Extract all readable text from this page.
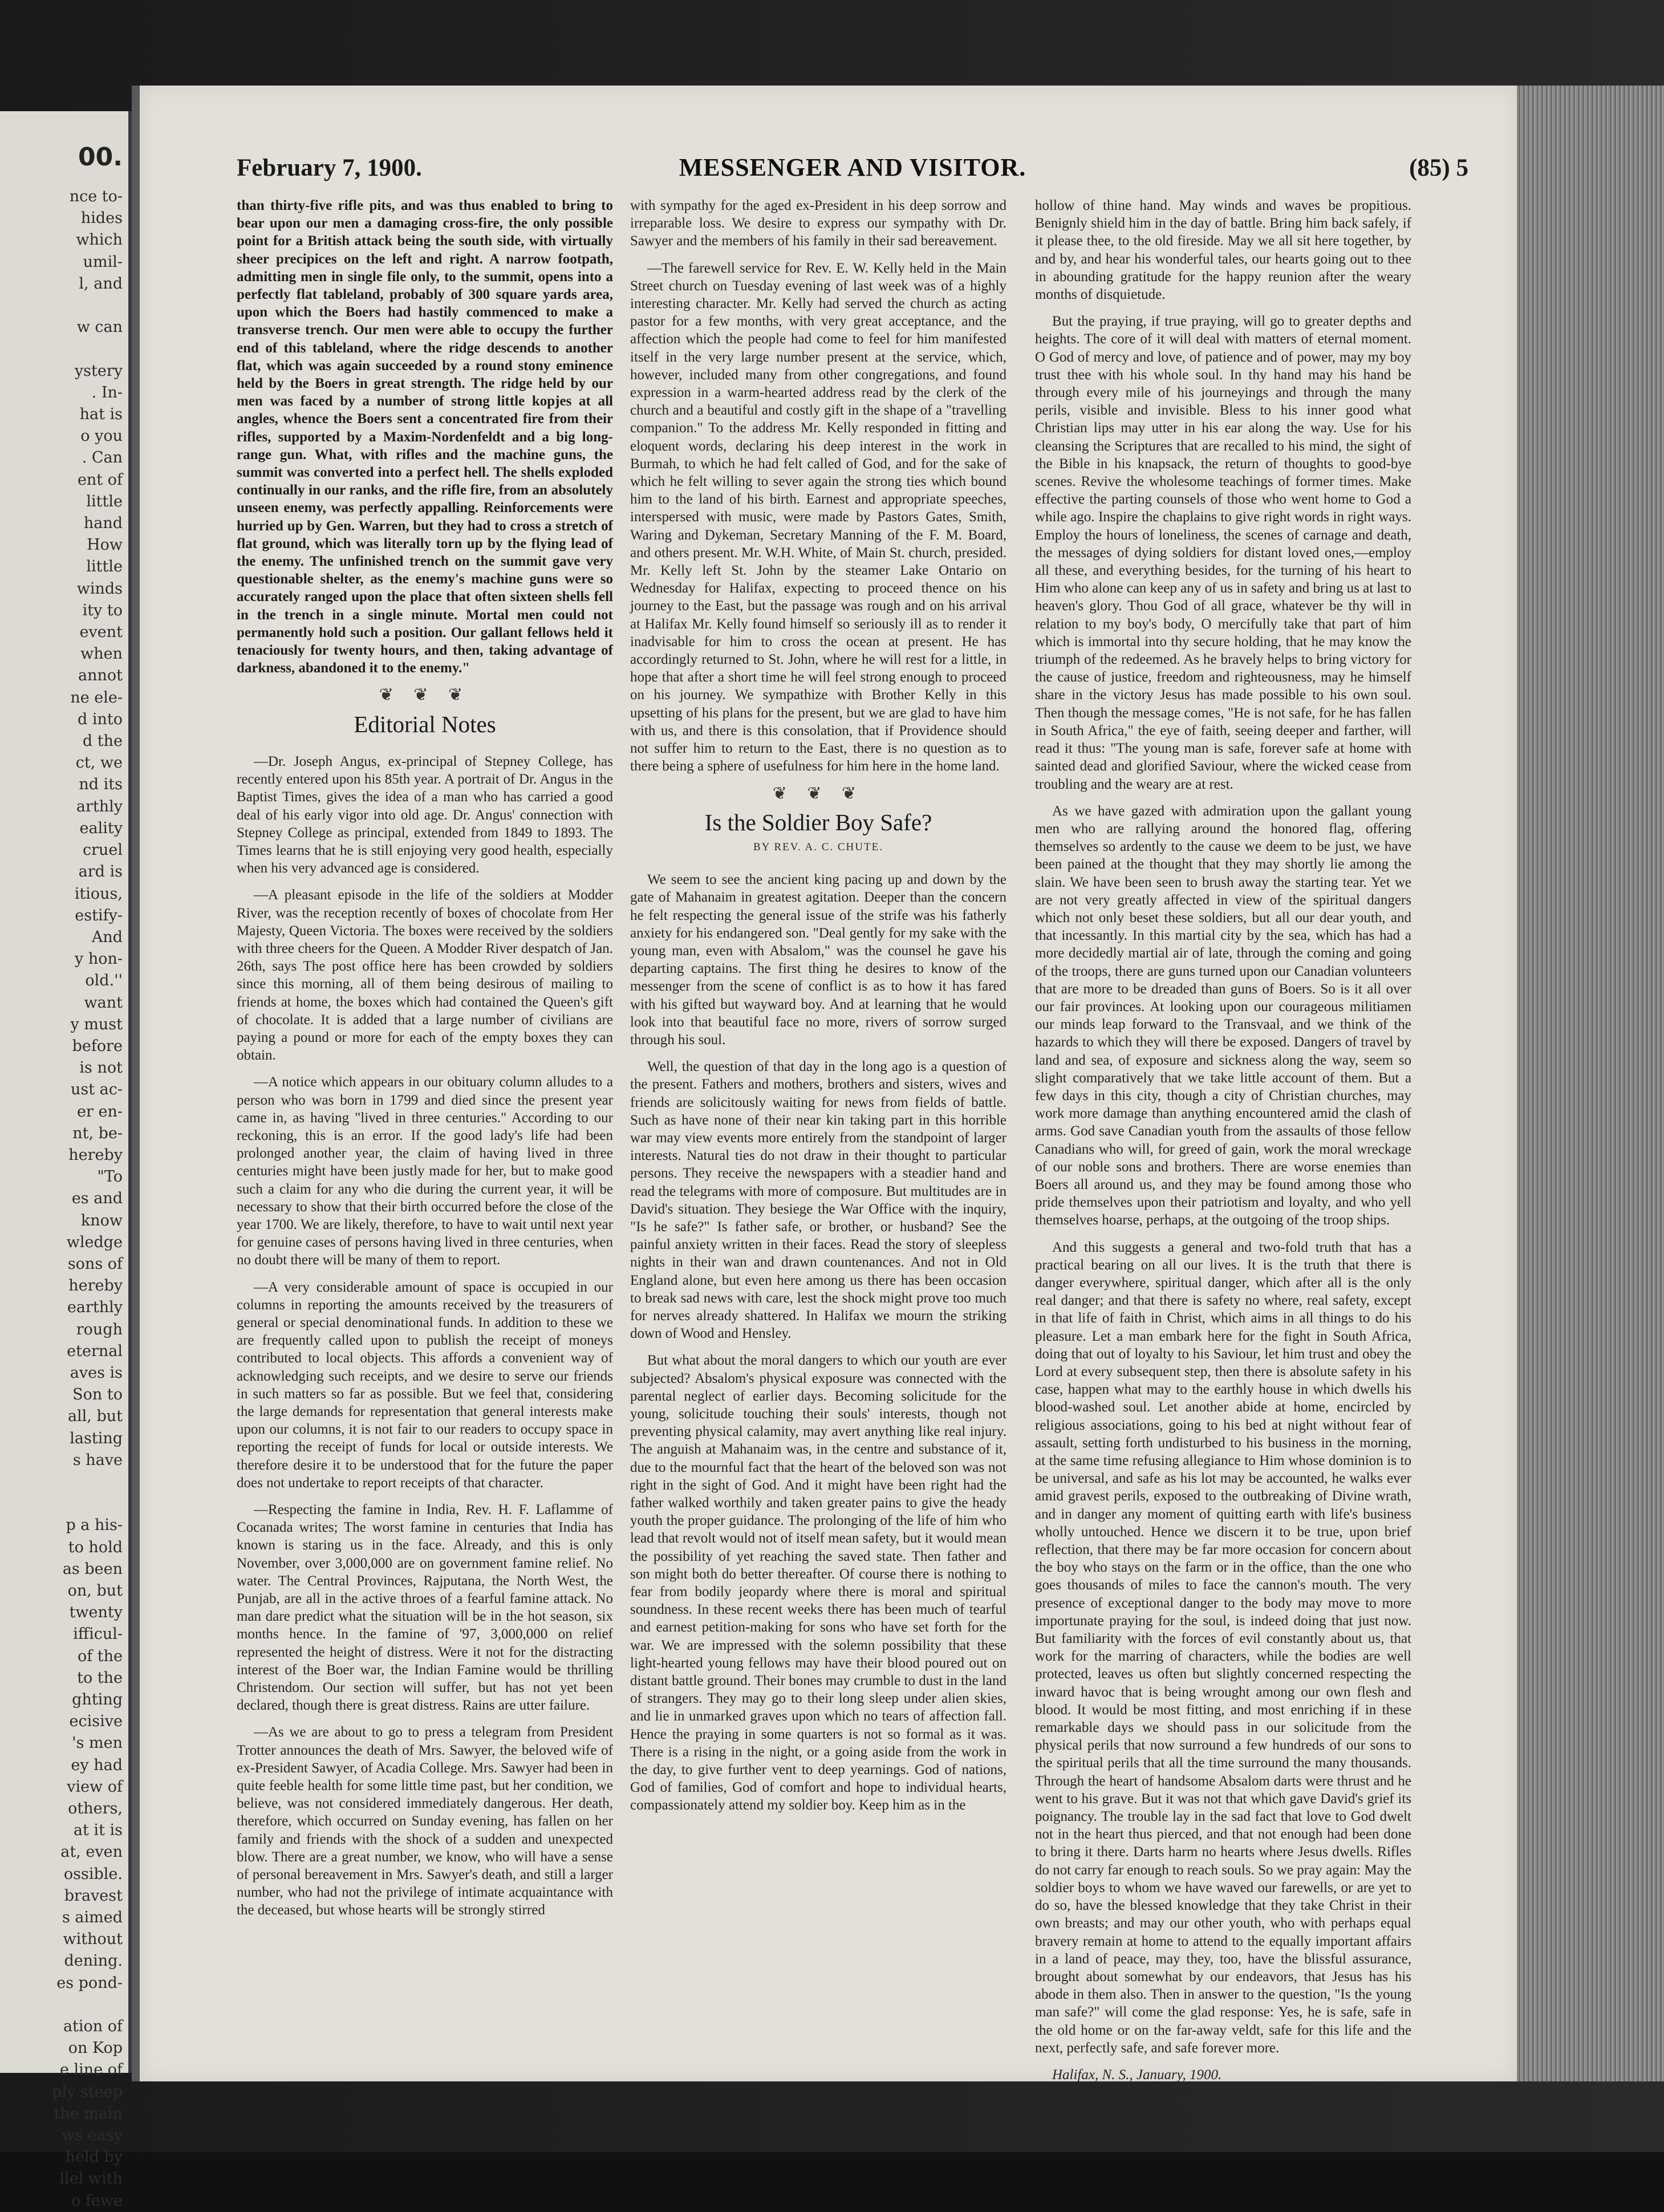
00.
nce to-
hides
which
umil-
l, and

w can

ystery
. In-
hat is
o you
. Can
ent of
little
hand
How
little
winds
ity to
event
when
annot
ne ele-
d into
d the
ct, we
nd its
arthly
eality
cruel
ard is
itious,
estify-
And
y hon-
old.''
want
y must
before
is not
ust ac-
er en-
nt, be-
hereby
"To
es and
know
wledge
sons of
hereby
earthly
rough
eternal
aves is
Son to
all, but
lasting
s have

p a his-
to hold
as been
on, but
twenty
ifficul-
of the
to the
ghting
ecisive
's men
ey had
view of
others,
at it is
at, even
ossible.
bravest
s aimed
without
dening.
es pond-

ation of
on Kop
e line of
ply steep
the main
ws easy
held by
llel with
o fewe
February 7, 1900.	MESSENGER AND VISITOR.	(85) 5

than thirty-five rifle pits, and was thus enabled to bring to bear upon our men a damaging cross-fire, the only possible point for a British attack being the south side, with virtually sheer precipices on the left and right. A narrow footpath, admitting men in single file only, to the summit, opens into a perfectly flat tableland, probably of 300 square yards area, upon which the Boers had hastily commenced to make a transverse trench. Our men were able to occupy the further end of this tableland, where the ridge descends to another flat, which was again succeeded by a round stony eminence held by the Boers in great strength. The ridge held by our men was faced by a number of strong little kopjes at all angles, whence the Boers sent a concentrated fire from their rifles, supported by a Maxim-Nordenfeldt and a big long-range gun. What, with rifles and the machine guns, the summit was converted into a perfect hell. The shells exploded continually in our ranks, and the rifle fire, from an absolutely unseen enemy, was perfectly appalling. Reinforcements were hurried up by Gen. Warren, but they had to cross a stretch of flat ground, which was literally torn up by the flying lead of the enemy. The unfinished trench on the summit gave very questionable shelter, as the enemy's machine guns were so accurately ranged upon the place that often sixteen shells fell in the trench in a single minute. Mortal men could not permanently hold such a position. Our gallant fellows held it tenaciously for twenty hours, and then, taking advantage of darkness, abandoned it to the enemy."

❦ ❦ ❦
Editorial Notes

—Dr. Joseph Angus, ex-principal of Stepney College, has recently entered upon his 85th year. A portrait of Dr. Angus in the Baptist Times, gives the idea of a man who has carried a good deal of his early vigor into old age. Dr. Angus' connection with Stepney College as principal, extended from 1849 to 1893. The Times learns that he is still enjoying very good health, especially when his very advanced age is considered.

—A pleasant episode in the life of the soldiers at Modder River, was the reception recently of boxes of chocolate from Her Majesty, Queen Victoria. The boxes were received by the soldiers with three cheers for the Queen. A Modder River despatch of Jan. 26th, says The post office here has been crowded by soldiers since this morning, all of them being desirous of mailing to friends at home, the boxes which had contained the Queen's gift of chocolate. It is added that a large number of civilians are paying a pound or more for each of the empty boxes they can obtain.

—A notice which appears in our obituary column alludes to a person who was born in 1799 and died since the present year came in, as having "lived in three centuries." According to our reckoning, this is an error. If the good lady's life had been prolonged another year, the claim of having lived in three centuries might have been justly made for her, but to make good such a claim for any who die during the current year, it will be necessary to show that their birth occurred before the close of the year 1700. We are likely, therefore, to have to wait until next year for genuine cases of persons having lived in three centuries, when no doubt there will be many of them to report.

—A very considerable amount of space is occupied in our columns in reporting the amounts received by the treasurers of general or special denominational funds. In addition to these we are frequently called upon to publish the receipt of moneys contributed to local objects. This affords a convenient way of acknowledging such receipts, and we desire to serve our friends in such matters so far as possible. But we feel that, considering the large demands for representation that general interests make upon our columns, it is not fair to our readers to occupy space in reporting the receipt of funds for local or outside interests. We therefore desire it to be understood that for the future the paper does not undertake to report receipts of that character.

—Respecting the famine in India, Rev. H. F. Laflamme of Cocanada writes; The worst famine in centuries that India has known is staring us in the face. Already, and this is only November, over 3,000,000 are on government famine relief. No water. The Central Provinces, Rajputana, the North West, the Punjab, are all in the active throes of a fearful famine attack. No man dare predict what the situation will be in the hot season, six months hence. In the famine of '97, 3,000,000 on relief represented the height of distress. Were it not for the distracting interest of the Boer war, the Indian Famine would be thrilling Christendom. Our section will suffer, but has not yet been declared, though there is great distress. Rains are utter failure.

—As we are about to go to press a telegram from President Trotter announces the death of Mrs. Sawyer, the beloved wife of ex-President Sawyer, of Acadia College. Mrs. Sawyer had been in quite feeble health for some little time past, but her condition, we believe, was not considered immediately dangerous. Her death, therefore, which occurred on Sunday evening, has fallen on her family and friends with the shock of a sudden and unexpected blow. There are a great number, we know, who will have a sense of personal bereavement in Mrs. Sawyer's death, and still a larger number, who had not the privilege of intimate acquaintance with the deceased, but whose hearts will be strongly stirred

with sympathy for the aged ex-President in his deep sorrow and irreparable loss. We desire to express our sympathy with Dr. Sawyer and the members of his family in their sad bereavement.

—The farewell service for Rev. E. W. Kelly held in the Main Street church on Tuesday evening of last week was of a highly interesting character. Mr. Kelly had served the church as acting pastor for a few months, with very great acceptance, and the affection which the people had come to feel for him manifested itself in the very large number present at the service, which, however, included many from other congregations, and found expression in a warm-hearted address read by the clerk of the church and a beautiful and costly gift in the shape of a "travelling companion." To the address Mr. Kelly responded in fitting and eloquent words, declaring his deep interest in the work in Burmah, to which he had felt called of God, and for the sake of which he felt willing to sever again the strong ties which bound him to the land of his birth. Earnest and appropriate speeches, interspersed with music, were made by Pastors Gates, Smith, Waring and Dykeman, Secretary Manning of the F. M. Board, and others present. Mr. W.H. White, of Main St. church, presided. Mr. Kelly left St. John by the steamer Lake Ontario on Wednesday for Halifax, expecting to proceed thence on his journey to the East, but the passage was rough and on his arrival at Halifax Mr. Kelly found himself so seriously ill as to render it inadvisable for him to cross the ocean at present. He has accordingly returned to St. John, where he will rest for a little, in hope that after a short time he will feel strong enough to proceed on his journey. We sympathize with Brother Kelly in this upsetting of his plans for the present, but we are glad to have him with us, and there is this consolation, that if Providence should not suffer him to return to the East, there is no question as to there being a sphere of usefulness for him here in the home land.

❦ ❦ ❦
Is the Soldier Boy Safe?
BY REV. A. C. CHUTE.

We seem to see the ancient king pacing up and down by the gate of Mahanaim in greatest agitation. Deeper than the concern he felt respecting the general issue of the strife was his fatherly anxiety for his endangered son. "Deal gently for my sake with the young man, even with Absalom," was the counsel he gave his departing captains. The first thing he desires to know of the messenger from the scene of conflict is as to how it has fared with his gifted but wayward boy. And at learning that he would look into that beautiful face no more, rivers of sorrow surged through his soul.

Well, the question of that day in the long ago is a question of the present. Fathers and mothers, brothers and sisters, wives and friends are solicitously waiting for news from fields of battle. Such as have none of their near kin taking part in this horrible war may view events more entirely from the standpoint of larger interests. Natural ties do not draw in their thought to particular persons. They receive the newspapers with a steadier hand and read the telegrams with more of composure. But multitudes are in David's situation. They besiege the War Office with the inquiry, "Is he safe?" Is father safe, or brother, or husband? See the painful anxiety written in their faces. Read the story of sleepless nights in their wan and drawn countenances. And not in Old England alone, but even here among us there has been occasion to break sad news with care, lest the shock might prove too much for nerves already shattered. In Halifax we mourn the striking down of Wood and Hensley.

But what about the moral dangers to which our youth are ever subjected? Absalom's physical exposure was connected with the parental neglect of earlier days. Becoming solicitude for the young, solicitude touching their souls' interests, though not preventing physical calamity, may avert anything like real injury. The anguish at Mahanaim was, in the centre and substance of it, due to the mournful fact that the heart of the beloved son was not right in the sight of God. And it might have been right had the father walked worthily and taken greater pains to give the heady youth the proper guidance. The prolonging of the life of him who lead that revolt would not of itself mean safety, but it would mean the possibility of yet reaching the saved state. Then father and son might both do better thereafter. Of course there is nothing to fear from bodily jeopardy where there is moral and spiritual soundness. In these recent weeks there has been much of tearful and earnest petition-making for sons who have set forth for the war. We are impressed with the solemn possibility that these light-hearted young fellows may have their blood poured out on distant battle ground. Their bones may crumble to dust in the land of strangers. They may go to their long sleep under alien skies, and lie in unmarked graves upon which no tears of affection fall. Hence the praying in some quarters is not so formal as it was. There is a rising in the night, or a going aside from the work in the day, to give further vent to deep yearnings. God of nations, God of families, God of comfort and hope to individual hearts, compassionately attend my soldier boy. Keep him as in the

hollow of thine hand. May winds and waves be propitious. Benignly shield him in the day of battle. Bring him back safely, if it please thee, to the old fireside. May we all sit here together, by and by, and hear his wonderful tales, our hearts going out to thee in abounding gratitude for the happy reunion after the weary months of disquietude.

But the praying, if true praying, will go to greater depths and heights. The core of it will deal with matters of eternal moment. O God of mercy and love, of patience and of power, may my boy trust thee with his whole soul. In thy hand may his hand be through every mile of his journeyings and through the many perils, visible and invisible. Bless to his inner good what Christian lips may utter in his ear along the way. Use for his cleansing the Scriptures that are recalled to his mind, the sight of the Bible in his knapsack, the return of thoughts to good-bye scenes. Revive the wholesome teachings of former times. Make effective the parting counsels of those who went home to God a while ago. Inspire the chaplains to give right words in right ways. Employ the hours of loneliness, the scenes of carnage and death, the messages of dying soldiers for distant loved ones,—employ all these, and everything besides, for the turning of his heart to Him who alone can keep any of us in safety and bring us at last to heaven's glory. Thou God of all grace, whatever be thy will in relation to my boy's body, O mercifully take that part of him which is immortal into thy secure holding, that he may know the triumph of the redeemed. As he bravely helps to bring victory for the cause of justice, freedom and righteousness, may he himself share in the victory Jesus has made possible to his own soul. Then though the message comes, "He is not safe, for he has fallen in South Africa," the eye of faith, seeing deeper and farther, will read it thus: "The young man is safe, forever safe at home with sainted dead and glorified Saviour, where the wicked cease from troubling and the weary are at rest.

As we have gazed with admiration upon the gallant young men who are rallying around the honored flag, offering themselves so ardently to the cause we deem to be just, we have been pained at the thought that they may shortly lie among the slain. We have been seen to brush away the starting tear. Yet we are not very greatly affected in view of the spiritual dangers which not only beset these soldiers, but all our dear youth, and that incessantly. In this martial city by the sea, which has had a more decidedly martial air of late, through the coming and going of the troops, there are guns turned upon our Canadian volunteers that are more to be dreaded than guns of Boers. So is it all over our fair provinces. At looking upon our courageous militiamen our minds leap forward to the Transvaal, and we think of the hazards to which they will there be exposed. Dangers of travel by land and sea, of exposure and sickness along the way, seem so slight comparatively that we take little account of them. But a few days in this city, though a city of Christian churches, may work more damage than anything encountered amid the clash of arms. God save Canadian youth from the assaults of those fellow Canadians who will, for greed of gain, work the moral wreckage of our noble sons and brothers. There are worse enemies than Boers all around us, and they may be found among those who pride themselves upon their patriotism and loyalty, and who yell themselves hoarse, perhaps, at the outgoing of the troop ships.

And this suggests a general and two-fold truth that has a practical bearing on all our lives. It is the truth that there is danger everywhere, spiritual danger, which after all is the only real danger; and that there is safety no where, real safety, except in that life of faith in Christ, which aims in all things to do his pleasure. Let a man embark here for the fight in South Africa, doing that out of loyalty to his Saviour, let him trust and obey the Lord at every subsequent step, then there is absolute safety in his case, happen what may to the earthly house in which dwells his blood-washed soul. Let another abide at home, encircled by religious associations, going to his bed at night without fear of assault, setting forth undisturbed to his business in the morning, at the same time refusing allegiance to Him whose dominion is to be universal, and safe as his lot may be accounted, he walks ever amid gravest perils, exposed to the outbreaking of Divine wrath, and in danger any moment of quitting earth with life's business wholly untouched. Hence we discern it to be true, upon brief reflection, that there may be far more occasion for concern about the boy who stays on the farm or in the office, than the one who goes thousands of miles to face the cannon's mouth. The very presence of exceptional danger to the body may move to more importunate praying for the soul, is indeed doing that just now. But familiarity with the forces of evil constantly about us, that work for the marring of characters, while the bodies are well protected, leaves us often but slightly concerned respecting the inward havoc that is being wrought among our own flesh and blood. It would be most fitting, and most enriching if in these remarkable days we should pass in our solicitude from the physical perils that now surround a few hundreds of our sons to the spiritual perils that all the time surround the many thousands. Through the heart of handsome Absalom darts were thrust and he went to his grave. But it was not that which gave David's grief its poignancy. The trouble lay in the sad fact that love to God dwelt not in the heart thus pierced, and that not enough had been done to bring it there. Darts harm no hearts where Jesus dwells. Rifles do not carry far enough to reach souls. So we pray again: May the soldier boys to whom we have waved our farewells, or are yet to do so, have the blessed knowledge that they take Christ in their own breasts; and may our other youth, who with perhaps equal bravery remain at home to attend to the equally important affairs in a land of peace, may they, too, have the blissful assurance, brought about somewhat by our endeavors, that Jesus has his abode in them also. Then in answer to the question, "Is the young man safe?" will come the glad response: Yes, he is safe, safe in the old home or on the far-away veldt, safe for this life and the next, perfectly safe, and safe forever more.

Halifax, N. S., January, 1900.
